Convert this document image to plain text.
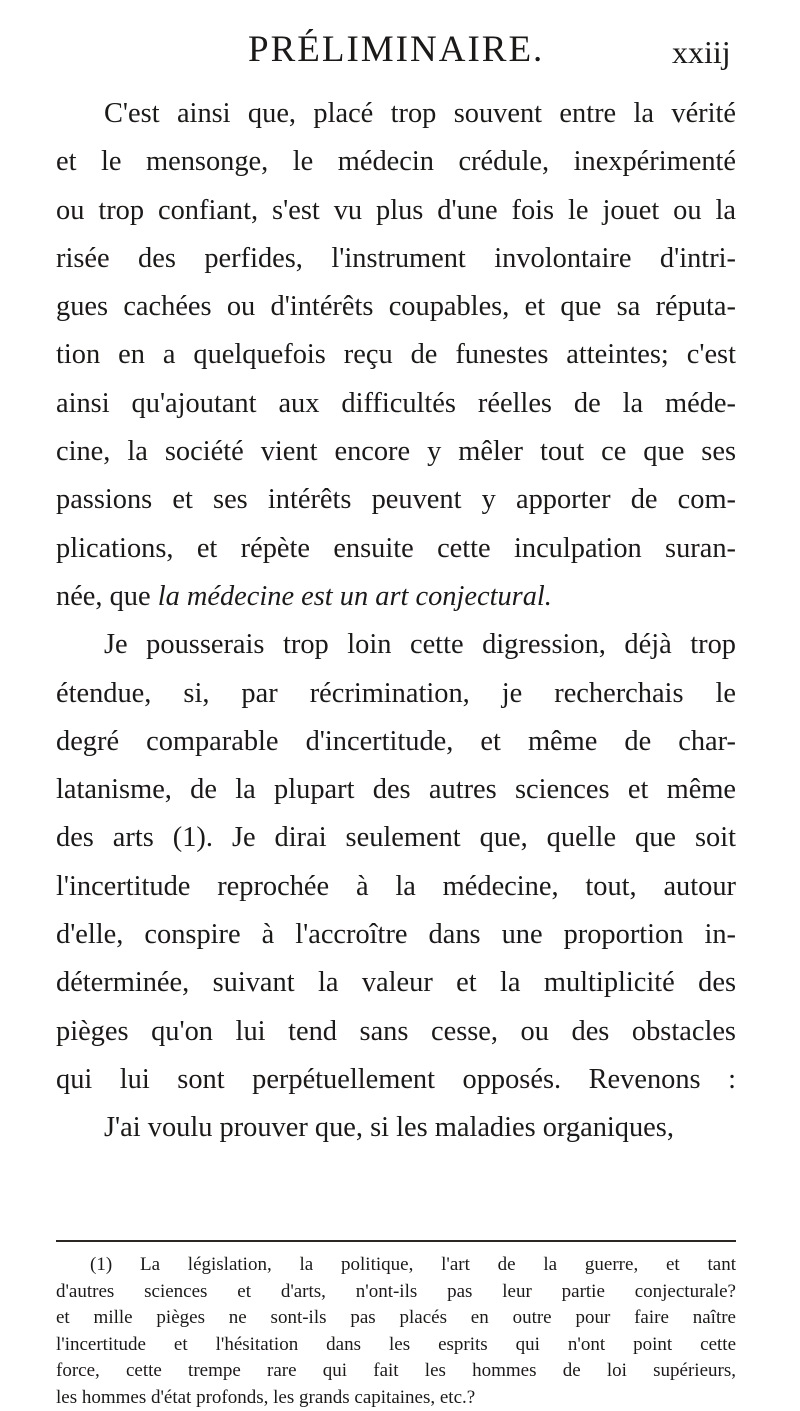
PRÉLIMINAIRE.	xxiij
C'est ainsi que, placé trop souvent entre la vérité
et le mensonge, le médecin crédule, inexpérimenté
ou trop confiant, s'est vu plus d'une fois le jouet ou la
risée des perfides, l'instrument involontaire d'intri-
gues cachées ou d'intérêts coupables, et que sa réputa-
tion en a quelquefois reçu de funestes atteintes; c'est
ainsi qu'ajoutant aux difficultés réelles de la méde-
cine, la société vient encore y mêler tout ce que ses
passions et ses intérêts peuvent y apporter de com-
plications, et répète ensuite cette inculpation suran-
née, que la médecine est un art conjectural.
Je pousserais trop loin cette digression, déjà trop
étendue, si, par récrimination, je recherchais le
degré comparable d'incertitude, et même de char-
latanisme, de la plupart des autres sciences et même
des arts (1). Je dirai seulement que, quelle que soit
l'incertitude reprochée à la médecine, tout, autour
d'elle, conspire à l'accroître dans une proportion in-
déterminée, suivant la valeur et la multiplicité des
pièges qu'on lui tend sans cesse, ou des obstacles
qui lui sont perpétuellement opposés. Revenons :
J'ai voulu prouver que, si les maladies organiques,
(1) La législation, la politique, l'art de la guerre, et tant
d'autres sciences et d'arts, n'ont-ils pas leur partie conjecturale?
et mille pièges ne sont-ils pas placés en outre pour faire naître
l'incertitude et l'hésitation dans les esprits qui n'ont point cette
force, cette trempe rare qui fait les hommes de loi supérieurs,
les hommes d'état profonds, les grands capitaines, etc.?
